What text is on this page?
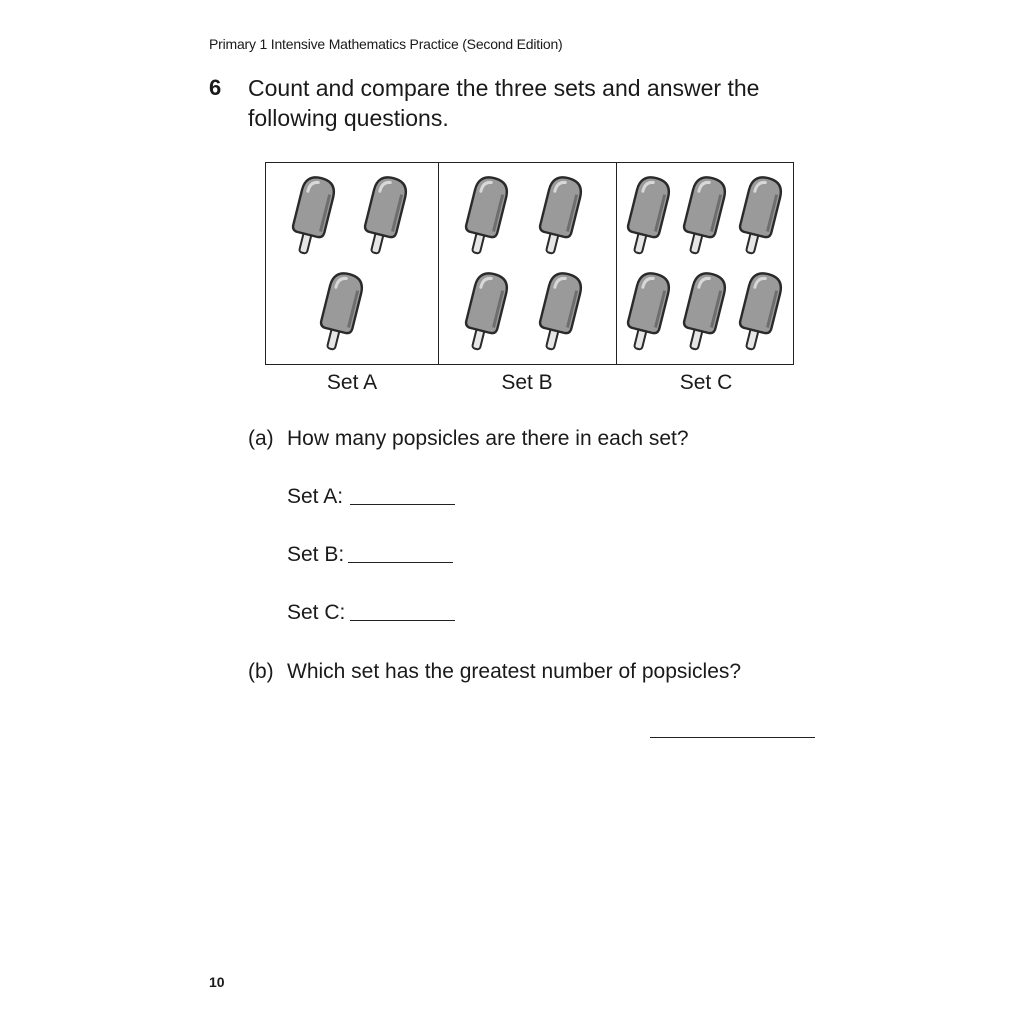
Primary 1 Intensive Mathematics Practice (Second Edition)
6 Count and compare the three sets and answer the following questions.
Set A	Set B	Set C
(a) How many popsicles are there in each set?
Set A:
Set B:
Set C:
(b) Which set has the greatest number of popsicles?
10
